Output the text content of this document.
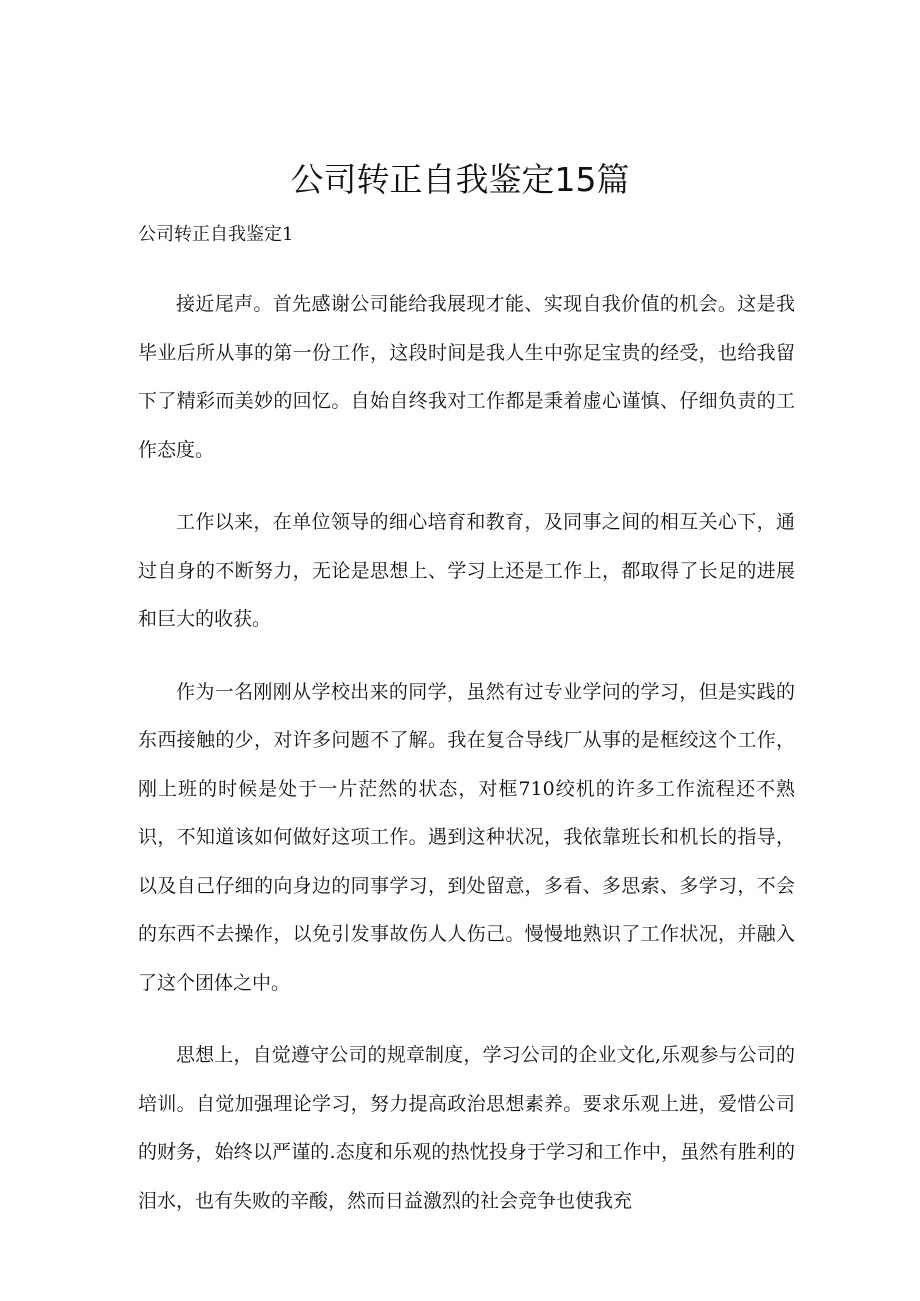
公司转正自我鉴定15篇
公司转正自我鉴定1

接近尾声。首先感谢公司能给我展现才能、实现自我价值的机会。这是我毕业后所从事的第一份工作，这段时间是我人生中弥足宝贵的经受，也给我留下了精彩而美妙的回忆。自始自终我对工作都是秉着虚心谨慎、仔细负责的工作态度。

工作以来，在单位领导的细心培育和教育，及同事之间的相互关心下，通过自身的不断努力，无论是思想上、学习上还是工作上，都取得了长足的进展和巨大的收获。

作为一名刚刚从学校出来的同学，虽然有过专业学问的学习，但是实践的东西接触的少，对许多问题不了解。我在复合导线厂从事的是框绞这个工作，刚上班的时候是处于一片茫然的状态，对框710绞机的许多工作流程还不熟识，不知道该如何做好这项工作。遇到这种状况，我依靠班长和机长的指导，以及自己仔细的向身边的同事学习，到处留意，多看、多思索、多学习，不会的东西不去操作，以免引发事故伤人人伤己。慢慢地熟识了工作状况，并融入了这个团体之中。

思想上，自觉遵守公司的规章制度，学习公司的企业文化,乐观参与公司的培训。自觉加强理论学习，努力提高政治思想素养。要求乐观上进，爱惜公司的财务，始终以严谨的.态度和乐观的热忱投身于学习和工作中，虽然有胜利的泪水，也有失败的辛酸，然而日益激烈的社会竞争也使我充
